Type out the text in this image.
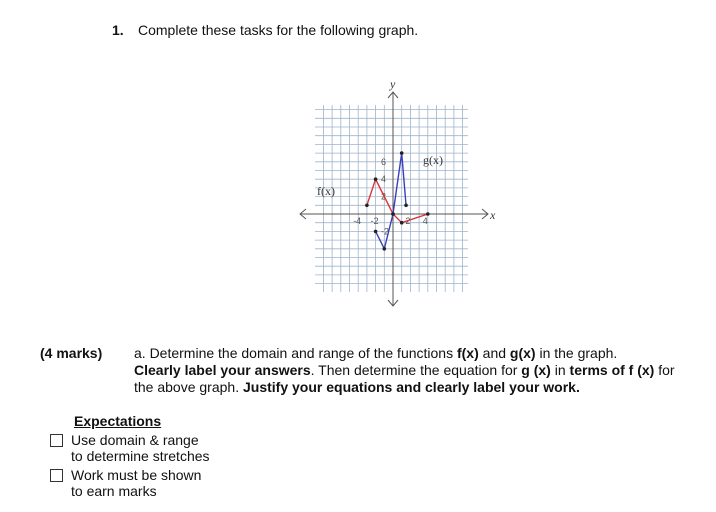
1. Complete these tasks for the following graph.
-4 -2	2 4
6
4
2
-2
f(x)
g(x)
x
y
(4 marks) a. Determine the domain and range of the functions f(x) and g(x) in the graph.
Clearly label your answers. Then determine the equation for g (x) in terms of f (x) for
the above graph. Justify your equations and clearly label your work.
Expectations
Use domain & range
to determine stretches
Work must be shown
to earn marks
